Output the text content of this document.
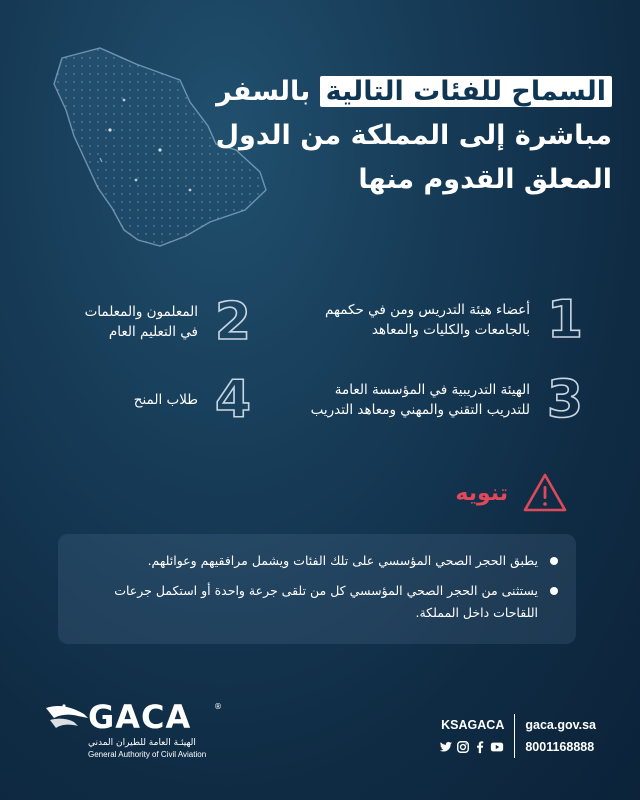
السماح للفئات التالية بالسفر
مباشرة إلى المملكة من الدول
المعلق القدوم منها
1
أعضاء هيئة التدريس ومن في حكمهم
بالجامعات والكليات والمعاهد
2
المعلمون والمعلمات
في التعليم العام
3
الهيئة التدريبية في المؤسسة العامة
للتدريب التقني والمهني ومعاهد التدريب
4
طلاب المنح
تنويه
يطبق الحجر الصحي المؤسسي على تلك الفئات ويشمل مرافقيهم وعوائلهم.
يستثنى من الحجر الصحي المؤسسي كل من تلقى جرعة واحدة أو استكمل جرعات اللقاحات داخل المملكة.
GACA	®
الهيئـة العامة للطيران المدني
General Authority of Civil Aviation
KSAGACA gaca.gov.sa
8001168888
